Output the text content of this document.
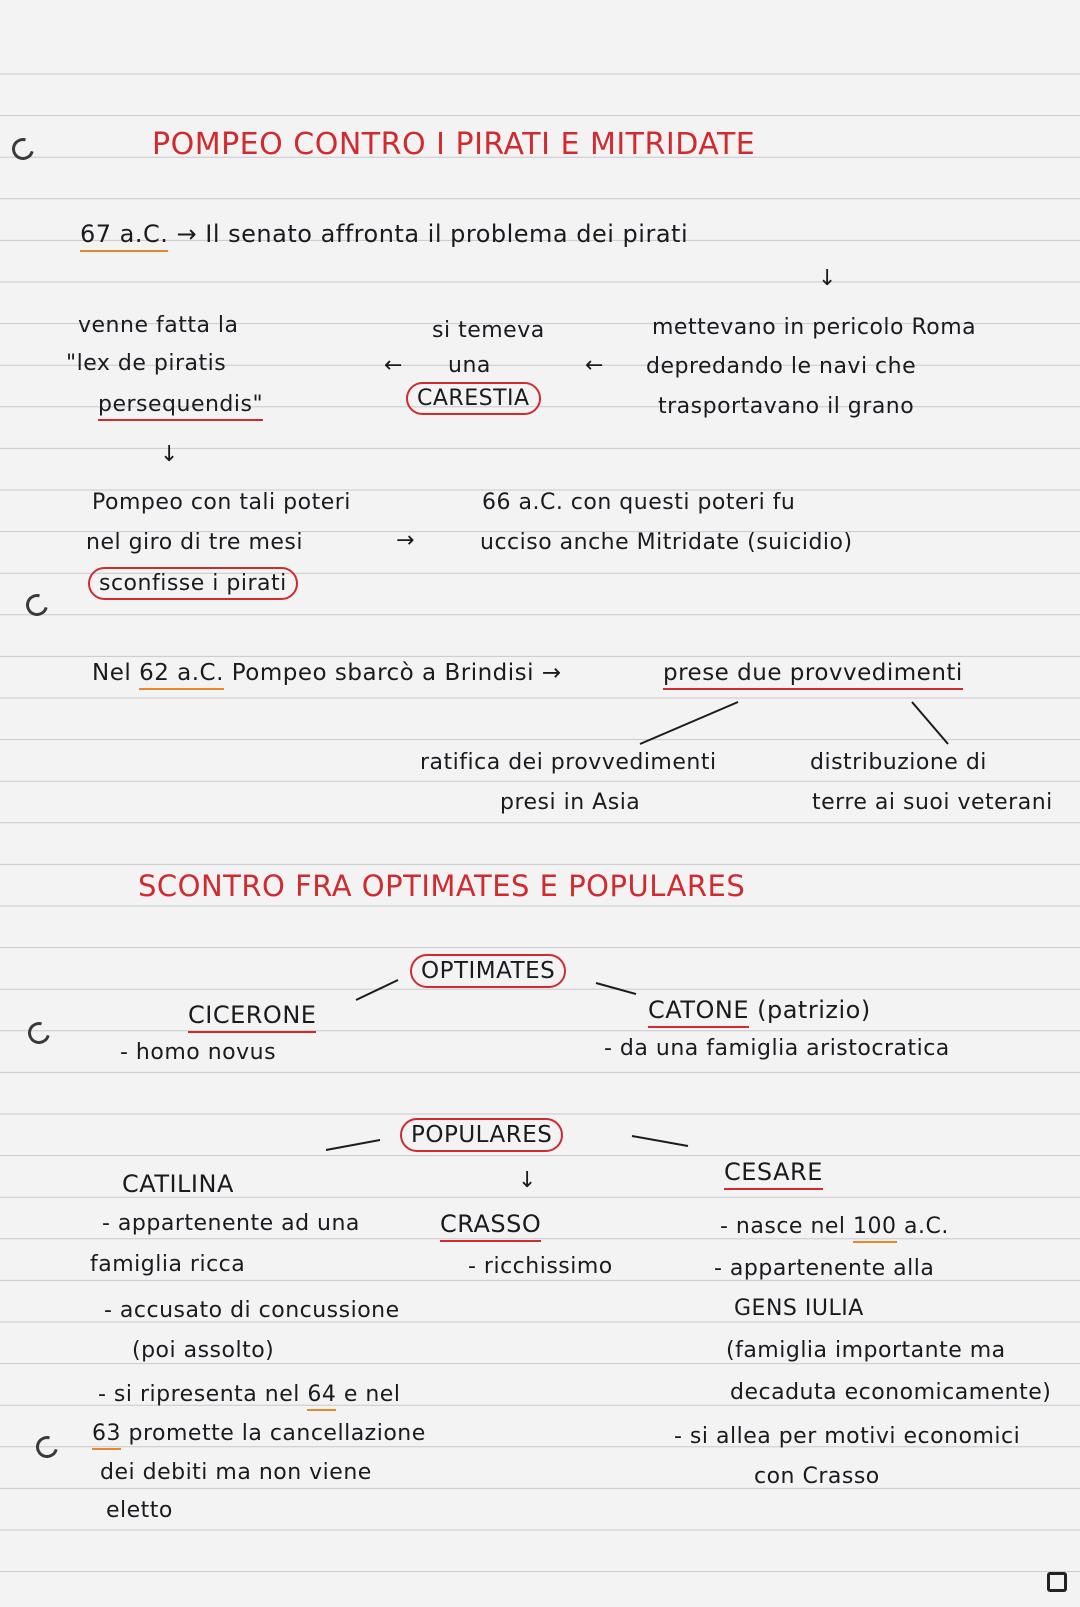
POMPEO CONTRO I PIRATI E MITRIDATE
67 a.C. → Il senato affronta il problema dei pirati
↓
venne fatta la
"lex de piratis
persequendis"
↓
si temeva
← una	←
CARESTIA
mettevano in pericolo Roma
depredando le navi che
trasportavano il grano
Pompeo con tali poteri
nel giro di tre mesi	→
sconfisse i pirati
66 a.C. con questi poteri fu
ucciso anche Mitridate (suicidio)
Nel 62 a.C. Pompeo sbarcò a Brindisi →	prese due provvedimenti
ratifica dei provvedimenti
presi in Asia
distribuzione di
terre ai suoi veterani
SCONTRO FRA OPTIMATES E POPULARES
OPTIMATES
CICERONE
- homo novus
CATONE (patrizio)
- da una famiglia aristocratica
POPULARES
↓
CATILINA
- appartenente ad una
famiglia ricca
- accusato di concussione
(poi assolto)
- si ripresenta nel 64 e nel
63 promette la cancellazione
dei debiti ma non viene
eletto
CRASSO
- ricchissimo
CESARE
- nasce nel 100 a.C.
- appartenente alla
GENS IULIA
(famiglia importante ma
decaduta economicamente)
- si allea per motivi economici
con Crasso
